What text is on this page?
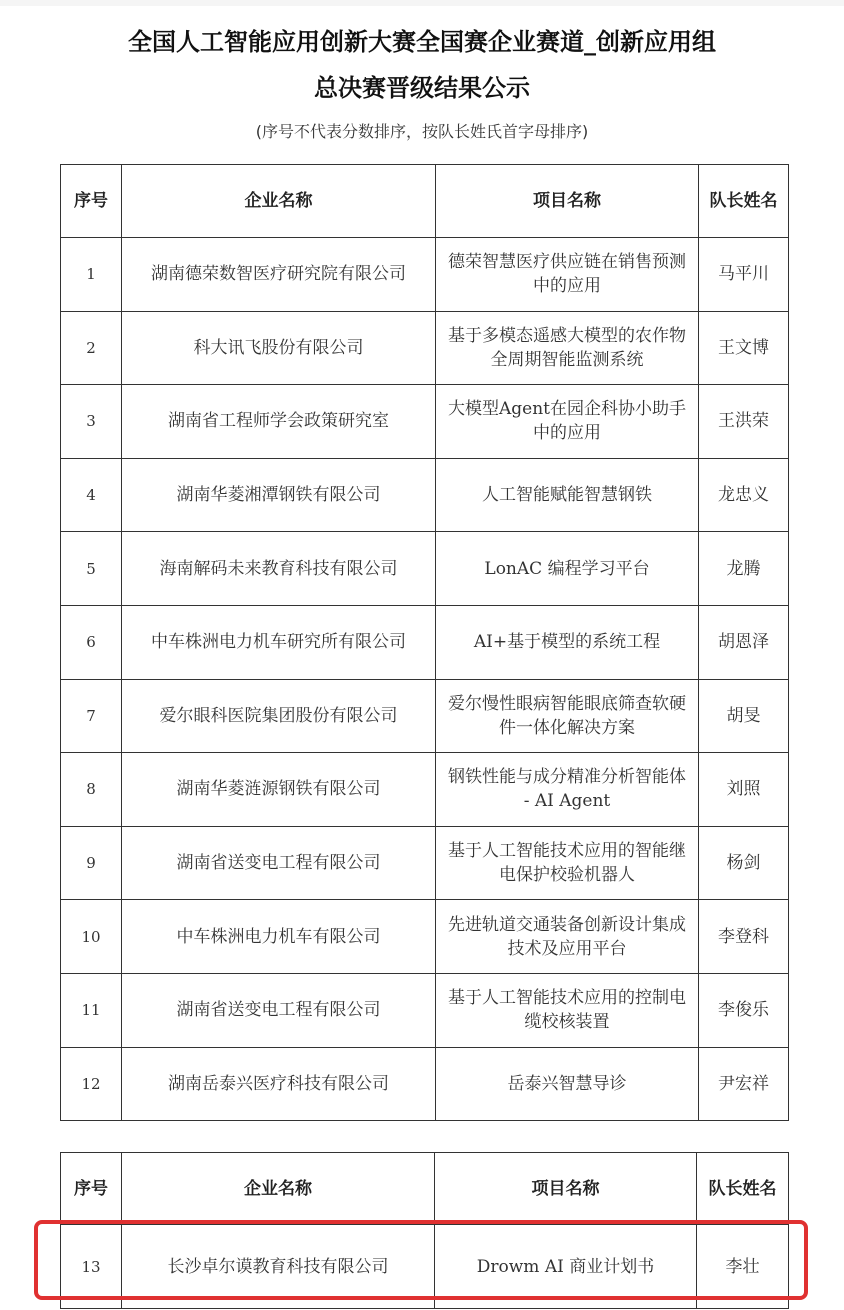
全国人工智能应用创新大赛全国赛企业赛道_创新应用组
总决赛晋级结果公示
(序号不代表分数排序，按队长姓氏首字母排序)
序号	企业名称	项目名称	队长姓名
1	湖南德荣数智医疗研究院有限公司	德荣智慧医疗供应链在销售预测中的应用	马平川
2	科大讯飞股份有限公司	基于多模态遥感大模型的农作物全周期智能监测系统	王文博
3	湖南省工程师学会政策研究室	大模型Agent在园企科协小助手中的应用	王洪荣
4	湖南华菱湘潭钢铁有限公司	人工智能赋能智慧钢铁	龙忠义
5	海南解码未来教育科技有限公司	LonAC 编程学习平台	龙腾
6	中车株洲电力机车研究所有限公司	AI+基于模型的系统工程	胡恩泽
7	爱尔眼科医院集团股份有限公司	爱尔慢性眼病智能眼底筛查软硬件一体化解决方案	胡旻
8	湖南华菱涟源钢铁有限公司	钢铁性能与成分精准分析智能体 - AI Agent	刘照
9	湖南省送变电工程有限公司	基于人工智能技术应用的智能继电保护校验机器人	杨剑
10	中车株洲电力机车有限公司	先进轨道交通装备创新设计集成技术及应用平台	李登科
11	湖南省送变电工程有限公司	基于人工智能技术应用的控制电缆校核装置	李俊乐
12	湖南岳泰兴医疗科技有限公司	岳泰兴智慧导诊	尹宏祥
序号	企业名称	项目名称	队长姓名
13	长沙卓尔谟教育科技有限公司	Drowm AI 商业计划书	李壮
